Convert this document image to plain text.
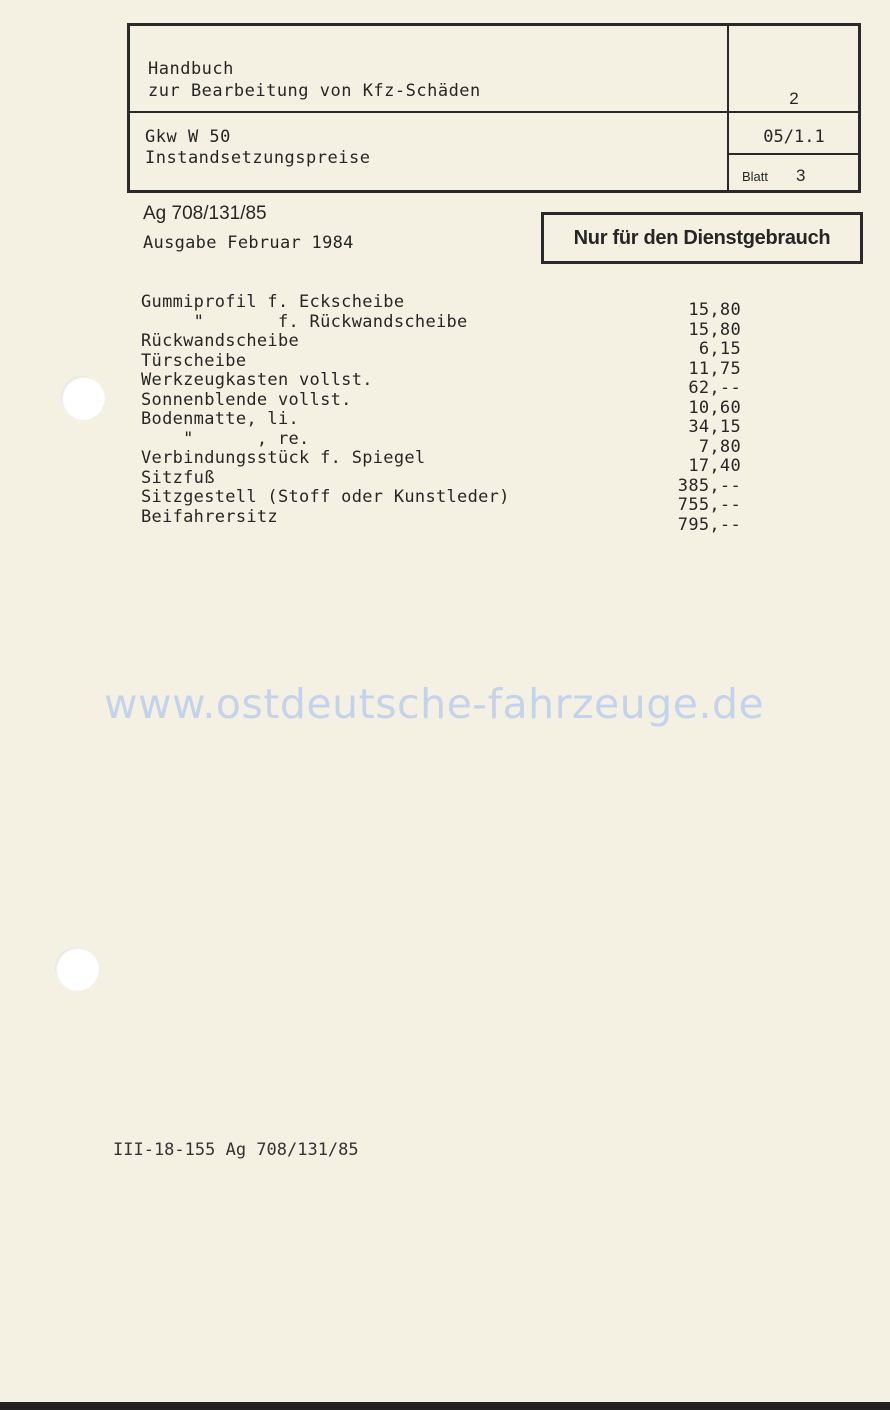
Handbuch
zur Bearbeitung von Kfz-Schäden
Gkw W 50
Instandsetzungspreise
2
05/1.1
Blatt 3
Ag 708/131/85
Ausgabe Februar 1984	Nur für den Dienstgebrauch
Gummiprofil f. Eckscheibe	15,80
"       f. Rückwandscheibe	15,80
Rückwandscheibe	6,15
Türscheibe	11,75
Werkzeugkasten vollst.	62,--
Sonnenblende vollst.	10,60
Bodenmatte, li.	34,15
"      , re.	7,80
Verbindungsstück f. Spiegel	17,40
Sitzfuß	385,--
Sitzgestell (Stoff oder Kunstleder)	755,--
Beifahrersitz	795,--
www.ostdeutsche-fahrzeuge.de
III-18-155 Ag 708/131/85
